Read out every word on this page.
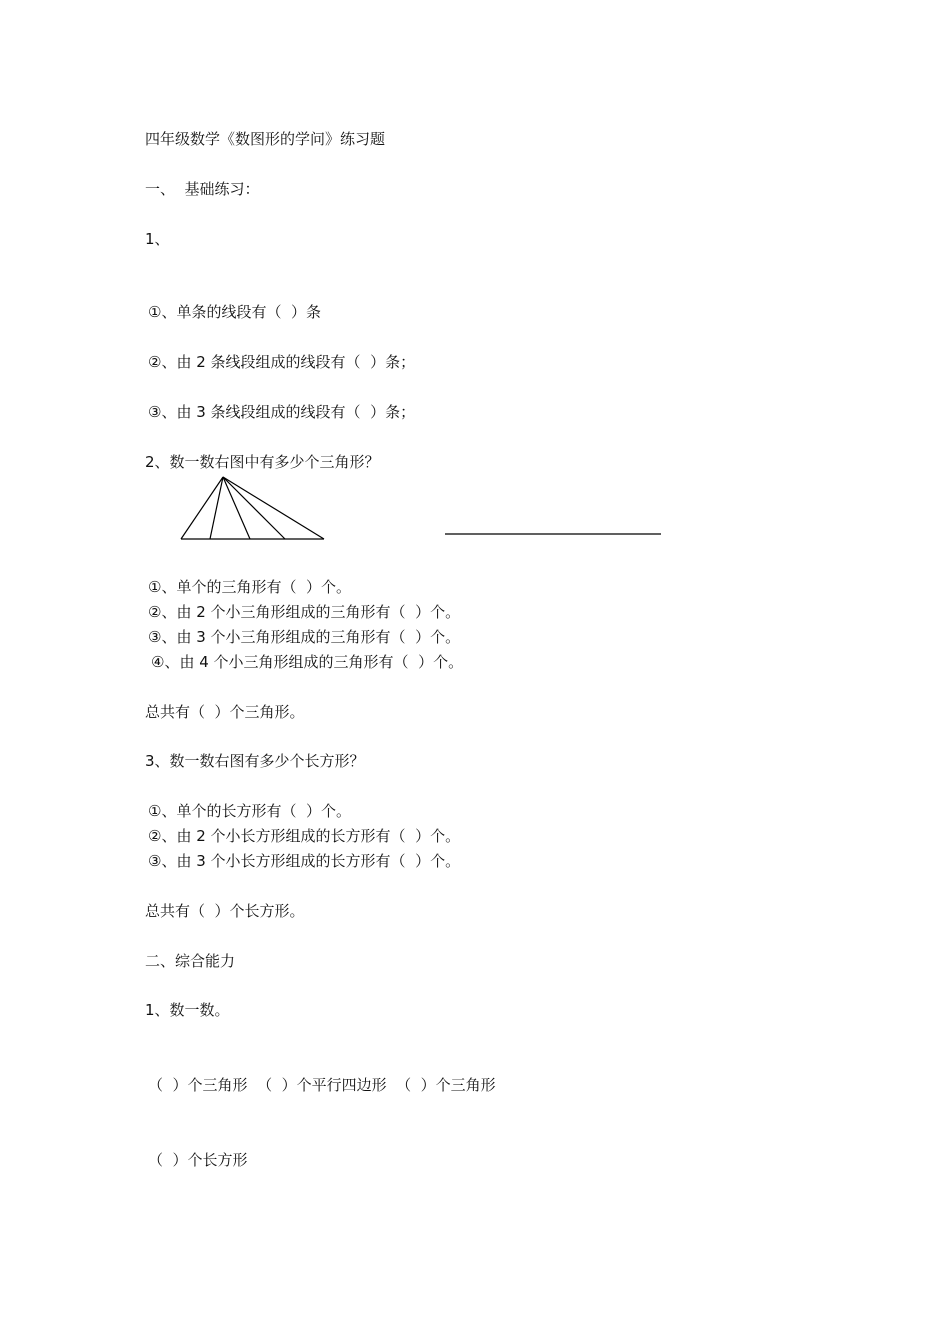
四年级数学《数图形的学问》练习题
一、  基础练习：
1、
①、单条的线段有（  ）条
②、由 2 条线段组成的线段有（  ）条；
③、由 3 条线段组成的线段有（  ）条；
2、数一数右图中有多少个三角形？
①、单个的三角形有（  ）个。
②、由 2 个小三角形组成的三角形有（  ）个。
③、由 3 个小三角形组成的三角形有（  ）个。
④、由 4 个小三角形组成的三角形有（  ）个。
总共有（  ）个三角形。
3、数一数右图有多少个长方形？
①、单个的长方形有（  ）个。
②、由 2 个小长方形组成的长方形有（  ）个。
③、由 3 个小长方形组成的长方形有（  ）个。
总共有（  ）个长方形。
二、综合能力
1、数一数。
（  ）个三角形  （  ）个平行四边形  （  ）个三角形
（  ）个长方形
